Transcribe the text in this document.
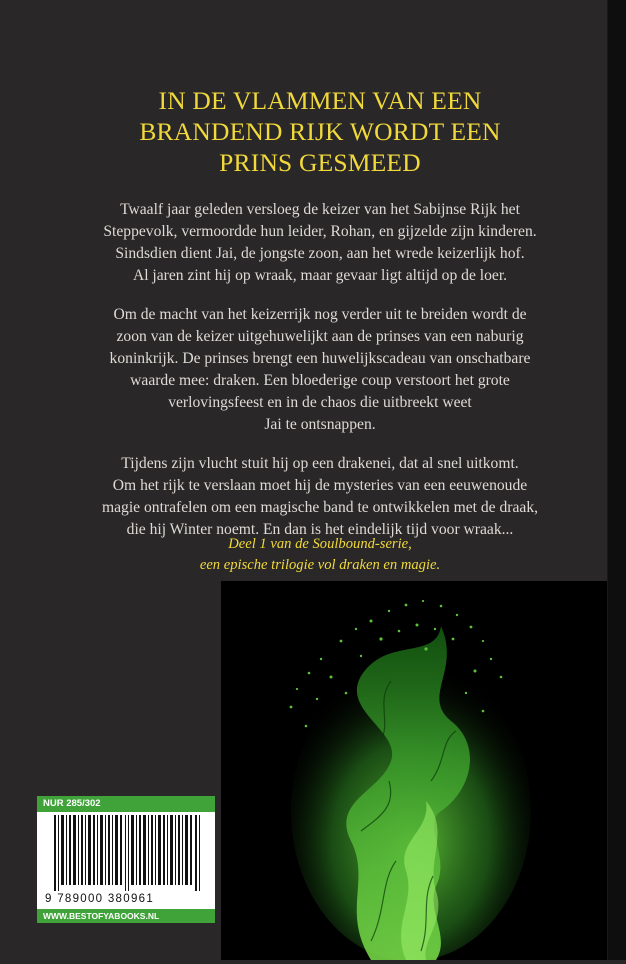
IN DE VLAMMEN VAN EEN
BRANDEND RIJK WORDT EEN
PRINS GESMEED

Twaalf jaar geleden versloeg de keizer van het Sabijnse Rijk het
Steppevolk, vermoordde hun leider, Rohan, en gijzelde zijn kinderen.
Sindsdien dient Jai, de jongste zoon, aan het wrede keizerlijk hof.
Al jaren zint hij op wraak, maar gevaar ligt altijd op de loer.

Om de macht van het keizerrijk nog verder uit te breiden wordt de
zoon van de keizer uitgehuwelijkt aan de prinses van een naburig
koninkrijk. De prinses brengt een huwelijkscadeau van onschatbare
waarde mee: draken. Een bloederige coup verstoort het grote
verlovingsfeest en in de chaos die uitbreekt weet
Jai te ontsnappen.

Tijdens zijn vlucht stuit hij op een drakenei, dat al snel uitkomt.
Om het rijk te verslaan moet hij de mysteries van een eeuwenoude
magie ontrafelen om een magische band te ontwikkelen met de draak,
die hij Winter noemt. En dan is het eindelijk tijd voor wraak...

Deel 1 van de Soulbound-serie,
een epische trilogie vol draken en magie.
NUR 285/302
9 789000 380961
WWW.BESTOFYABOOKS.NL
